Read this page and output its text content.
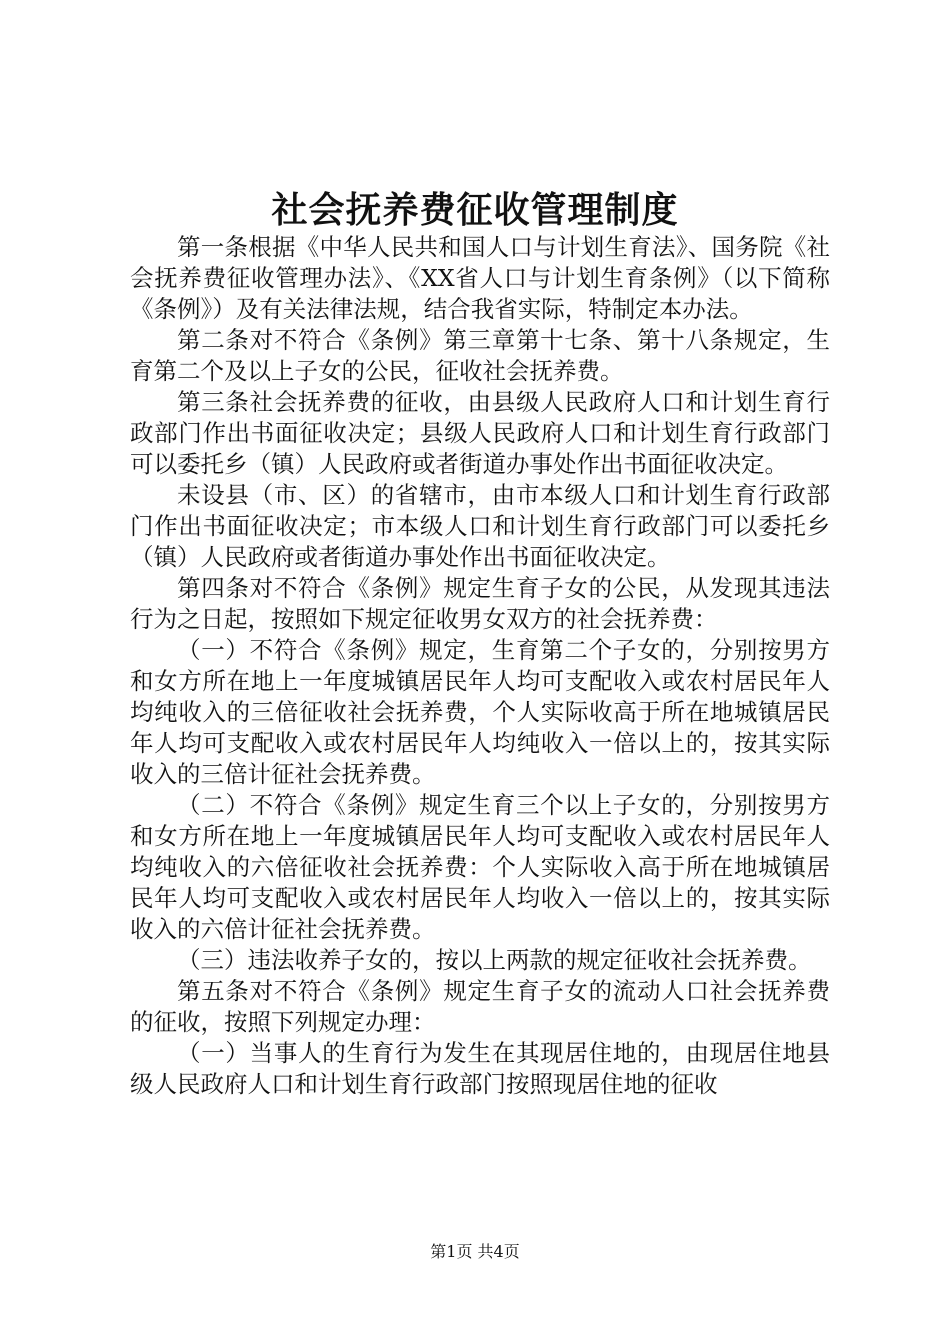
社会抚养费征收管理制度

第一条根据《中华人民共和国人口与计划生育法》、国务院《社会抚养费征收管理办法》、《XX省人口与计划生育条例》（以下简称《条例》）及有关法律法规，结合我省实际，特制定本办法。

第二条对不符合《条例》第三章第十七条、第十八条规定，生育第二个及以上子女的公民，征收社会抚养费。

第三条社会抚养费的征收，由县级人民政府人口和计划生育行政部门作出书面征收决定；县级人民政府人口和计划生育行政部门可以委托乡（镇）人民政府或者街道办事处作出书面征收决定。

未设县（市、区）的省辖市，由市本级人口和计划生育行政部门作出书面征收决定；市本级人口和计划生育行政部门可以委托乡（镇）人民政府或者街道办事处作出书面征收决定。

第四条对不符合《条例》规定生育子女的公民，从发现其违法行为之日起，按照如下规定征收男女双方的社会抚养费：

（一）不符合《条例》规定，生育第二个子女的，分别按男方和女方所在地上一年度城镇居民年人均可支配收入或农村居民年人均纯收入的三倍征收社会抚养费，个人实际收高于所在地城镇居民年人均可支配收入或农村居民年人均纯收入一倍以上的，按其实际收入的三倍计征社会抚养费。

（二）不符合《条例》规定生育三个以上子女的，分别按男方和女方所在地上一年度城镇居民年人均可支配收入或农村居民年人均纯收入的六倍征收社会抚养费：个人实际收入高于所在地城镇居民年人均可支配收入或农村居民年人均收入一倍以上的，按其实际收入的六倍计征社会抚养费。

（三）违法收养子女的，按以上两款的规定征收社会抚养费。

第五条对不符合《条例》规定生育子女的流动人口社会抚养费的征收，按照下列规定办理：

（一）当事人的生育行为发生在其现居住地的，由现居住地县级人民政府人口和计划生育行政部门按照现居住地的征收

第1页 共4页
